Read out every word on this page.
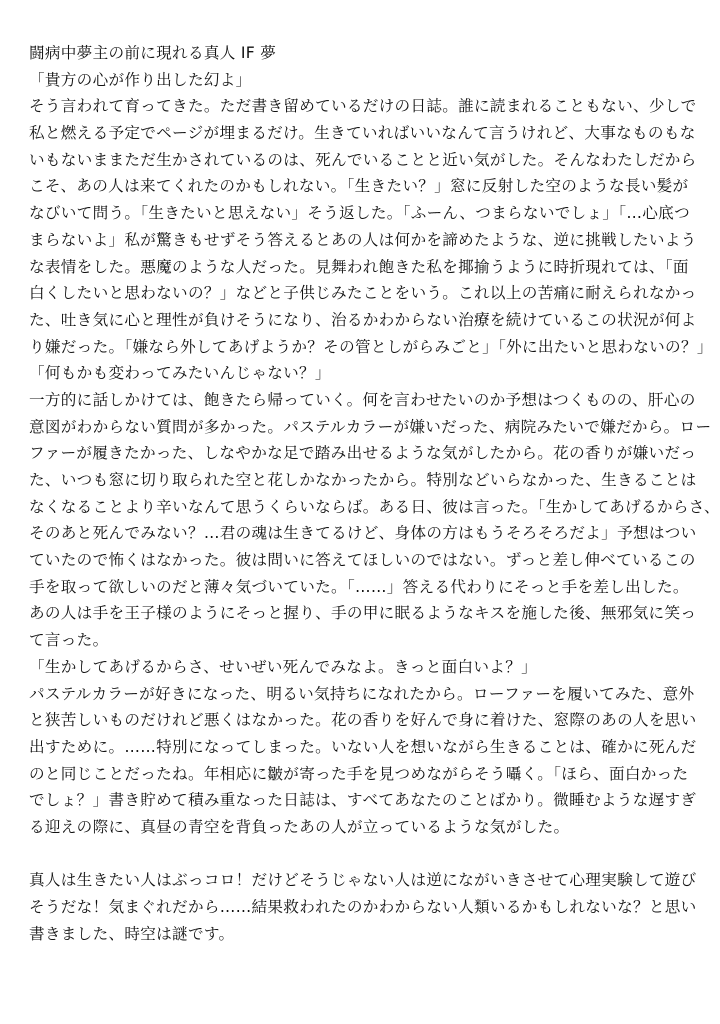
闘病中夢主の前に現れる真人 IF 夢
「貴方の心が作り出した幻よ」
そう言われて育ってきた。ただ書き留めているだけの日誌。誰に読まれることもない、少しで
私と燃える予定でページが埋まるだけ。生きていればいいなんて言うけれど、大事なものもな
いもないままただ生かされているのは、死んでいることと近い気がした。そんなわたしだから
こそ、あの人は来てくれたのかもしれない。「生きたい？」窓に反射した空のような長い髪が
なびいて問う。「生きたいと思えない」そう返した。「ふーん、つまらないでしょ」「…心底つ
まらないよ」私が驚きもせずそう答えるとあの人は何かを諦めたような、逆に挑戦したいよう
な表情をした。悪魔のような人だった。見舞われ飽きた私を揶揄うように時折現れては、「面
白くしたいと思わないの？」などと子供じみたことをいう。これ以上の苦痛に耐えられなかっ
た、吐き気に心と理性が負けそうになり、治るかわからない治療を続けているこの状況が何よ
り嫌だった。「嫌なら外してあげようか？その管としがらみごと」「外に出たいと思わないの？」
「何もかも変わってみたいんじゃない？」
一方的に話しかけては、飽きたら帰っていく。何を言わせたいのか予想はつくものの、肝心の
意図がわからない質問が多かった。パステルカラーが嫌いだった、病院みたいで嫌だから。ロー
ファーが履きたかった、しなやかな足で踏み出せるような気がしたから。花の香りが嫌いだっ
た、いつも窓に切り取られた空と花しかなかったから。特別などいらなかった、生きることは
なくなることより辛いなんて思うくらいならば。ある日、彼は言った。「生かしてあげるからさ、
そのあと死んでみない？…君の魂は生きてるけど、身体の方はもうそろそろだよ」予想はつい
ていたので怖くはなかった。彼は問いに答えてほしいのではない。ずっと差し伸べているこの
手を取って欲しいのだと薄々気づいていた。「……」答える代わりにそっと手を差し出した。
あの人は手を王子様のようにそっと握り、手の甲に眠るようなキスを施した後、無邪気に笑っ
て言った。
「生かしてあげるからさ、せいぜい死んでみなよ。きっと面白いよ？」
パステルカラーが好きになった、明るい気持ちになれたから。ローファーを履いてみた、意外
と狭苦しいものだけれど悪くはなかった。花の香りを好んで身に着けた、窓際のあの人を思い
出すために。……特別になってしまった。いない人を想いながら生きることは、確かに死んだ
のと同じことだったね。年相応に皺が寄った手を見つめながらそう囁く。「ほら、面白かった
でしょ？」書き貯めて積み重なった日誌は、すべてあなたのことばかり。微睡むような遅すぎ
る迎えの際に、真昼の青空を背負ったあの人が立っているような気がした。
真人は生きたい人はぶっコロ！だけどそうじゃない人は逆にながいきさせて心理実験して遊び
そうだな！気まぐれだから……結果救われたのかわからない人類いるかもしれないな？と思い
書きました、時空は謎です。
